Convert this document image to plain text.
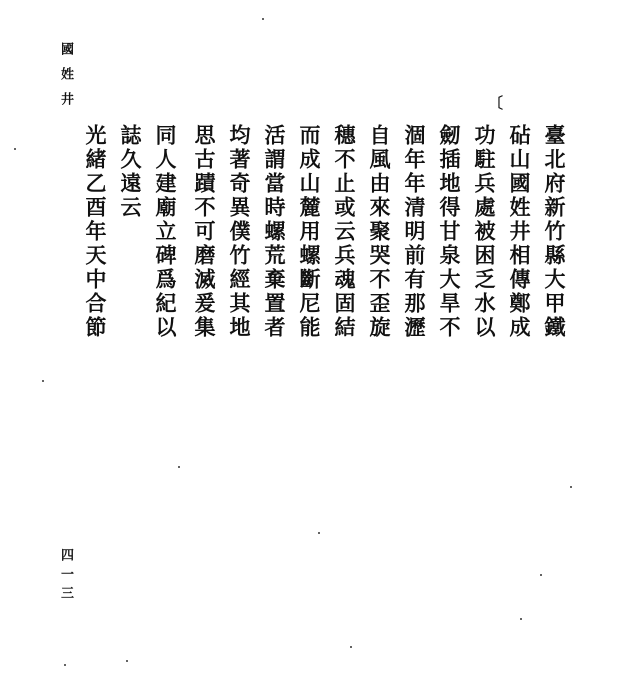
國姓井
四一三
〔
臺北府新竹縣大甲鐵
砧山國姓井相傳鄭成
功駐兵處被困乏水以
劒插地得甘泉大旱不
涸年年清明前有那瀝
自風由來聚哭不歪旋
穗不止或云兵魂固結
而成山麓用螺斷尼能
活謂當時螺荒棄置者
均著奇異僕竹經其地
思古蹟不可磨滅爰集
同人建廟立碑爲紀以
誌久遠云
光緒乙酉年天中合節
